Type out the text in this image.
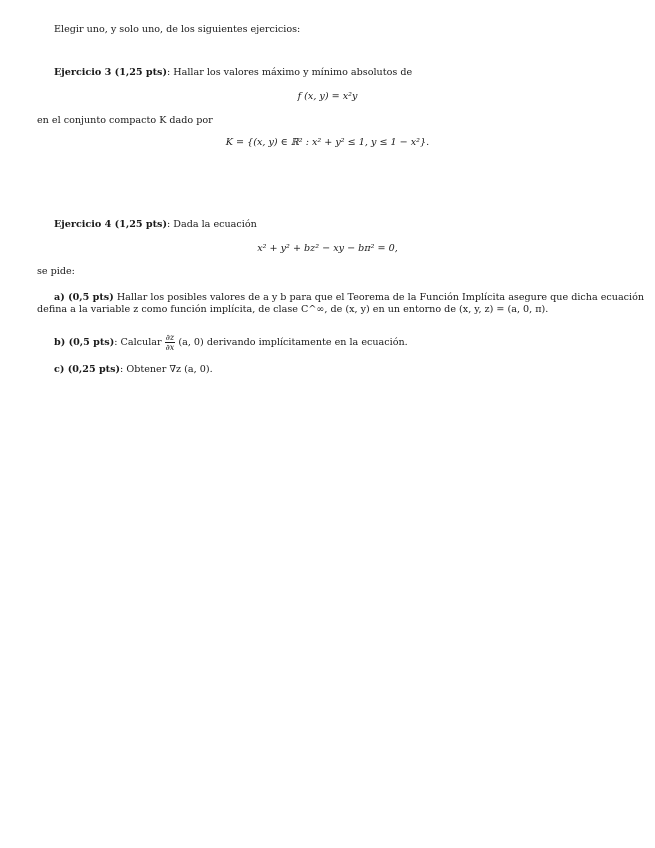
Elegir uno, y solo uno, de los siguientes ejercicios:
Ejercicio 3 (1,25 pts): Hallar los valores máximo y mínimo absolutos de
f (x, y) = x²y
en el conjunto compacto K dado por
K = {(x, y) ∈ ℝ² : x² + y² ≤ 1, y ≤ 1 − x²}.
Ejercicio 4 (1,25 pts): Dada la ecuación
x² + y² + bz² − xy − bπ² = 0,
se pide:
a) (0,5 pts) Hallar los posibles valores de a y b para que el Teorema de la Función Implícita asegure que dicha ecuación
defina a la variable z como función implícita, de clase C^∞, de (x, y) en un entorno de (x, y, z) = (a, 0, π).
b) (0,5 pts): Calcular $\frac{\partial z}{\partial x} (a$, 0) derivando implícitamente en la ecuación.
c) (0,25 pts): Obtener ∇z (a, 0).
